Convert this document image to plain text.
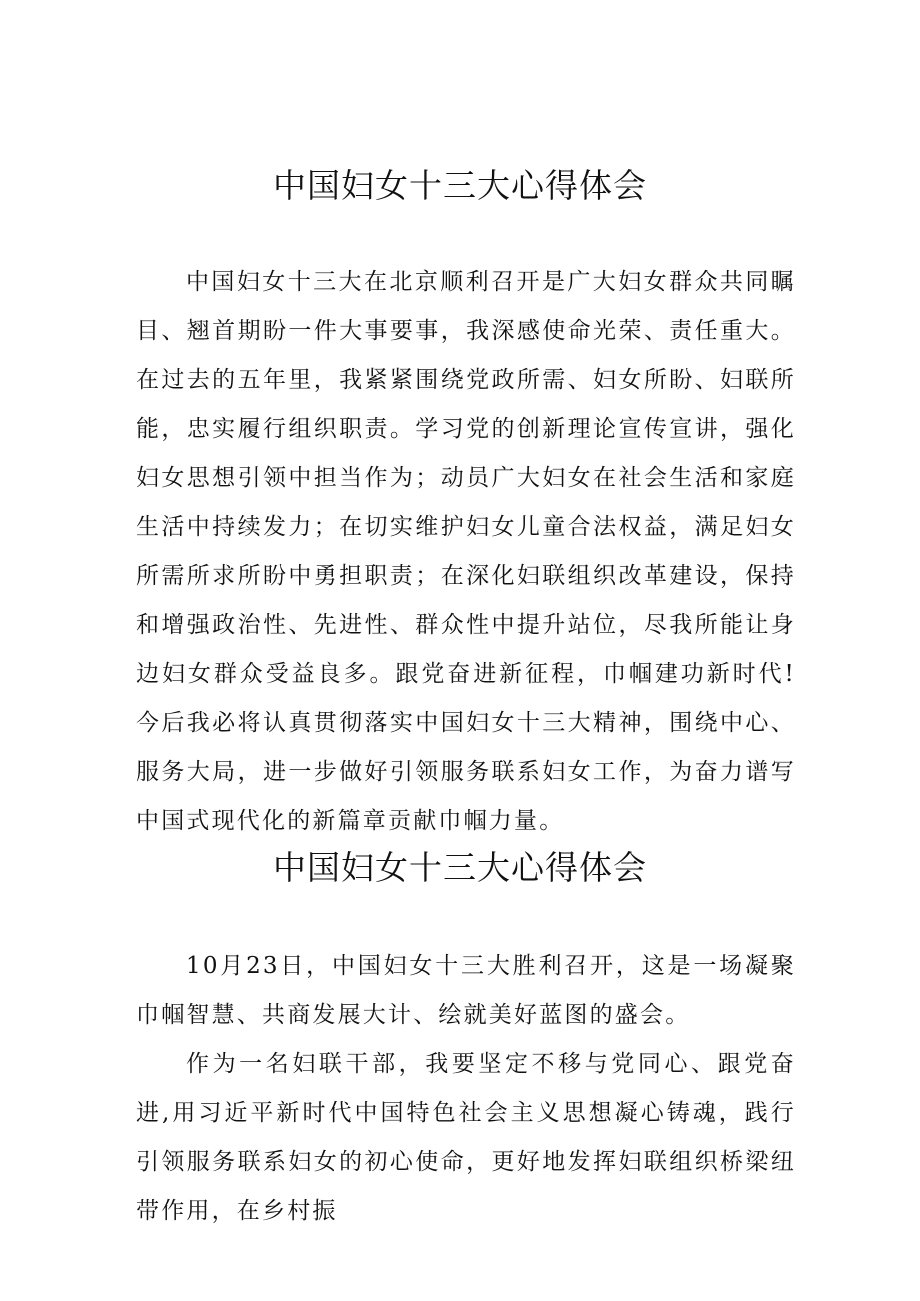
中国妇女十三大心得体会

中国妇女十三大在北京顺利召开是广大妇女群众共同瞩目、翘首期盼一件大事要事，我深感使命光荣、责任重大。在过去的五年里，我紧紧围绕党政所需、妇女所盼、妇联所能，忠实履行组织职责。学习党的创新理论宣传宣讲，强化妇女思想引领中担当作为；动员广大妇女在社会生活和家庭生活中持续发力；在切实维护妇女儿童合法权益，满足妇女所需所求所盼中勇担职责；在深化妇联组织改革建设，保持和增强政治性、先进性、群众性中提升站位，尽我所能让身边妇女群众受益良多。跟党奋进新征程，巾帼建功新时代!今后我必将认真贯彻落实中国妇女十三大精神，围绕中心、服务大局，进一步做好引领服务联系妇女工作，为奋力谱写中国式现代化的新篇章贡献巾帼力量。

中国妇女十三大心得体会

10月23日，中国妇女十三大胜利召开，这是一场凝聚巾帼智慧、共商发展大计、绘就美好蓝图的盛会。

作为一名妇联干部，我要坚定不移与党同心、跟党奋进,用习近平新时代中国特色社会主义思想凝心铸魂，践行引领服务联系妇女的初心使命，更好地发挥妇联组织桥梁纽带作用，在乡村振
